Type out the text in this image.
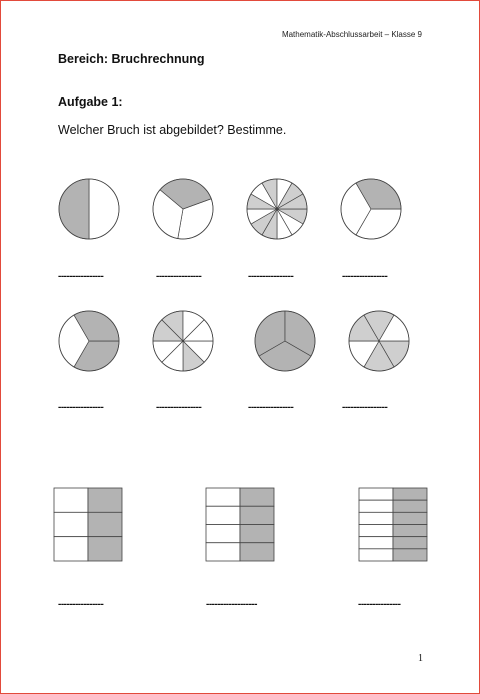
Mathematik-Abschlussarbeit – Klasse 9
Bereich: Bruchrechnung
Aufgabe 1:
Welcher Bruch ist abgebildet? Bestimme.
----------------	----------------	----------------	----------------
----------------	----------------	----------------	----------------
----------------	------------------	---------------
1
